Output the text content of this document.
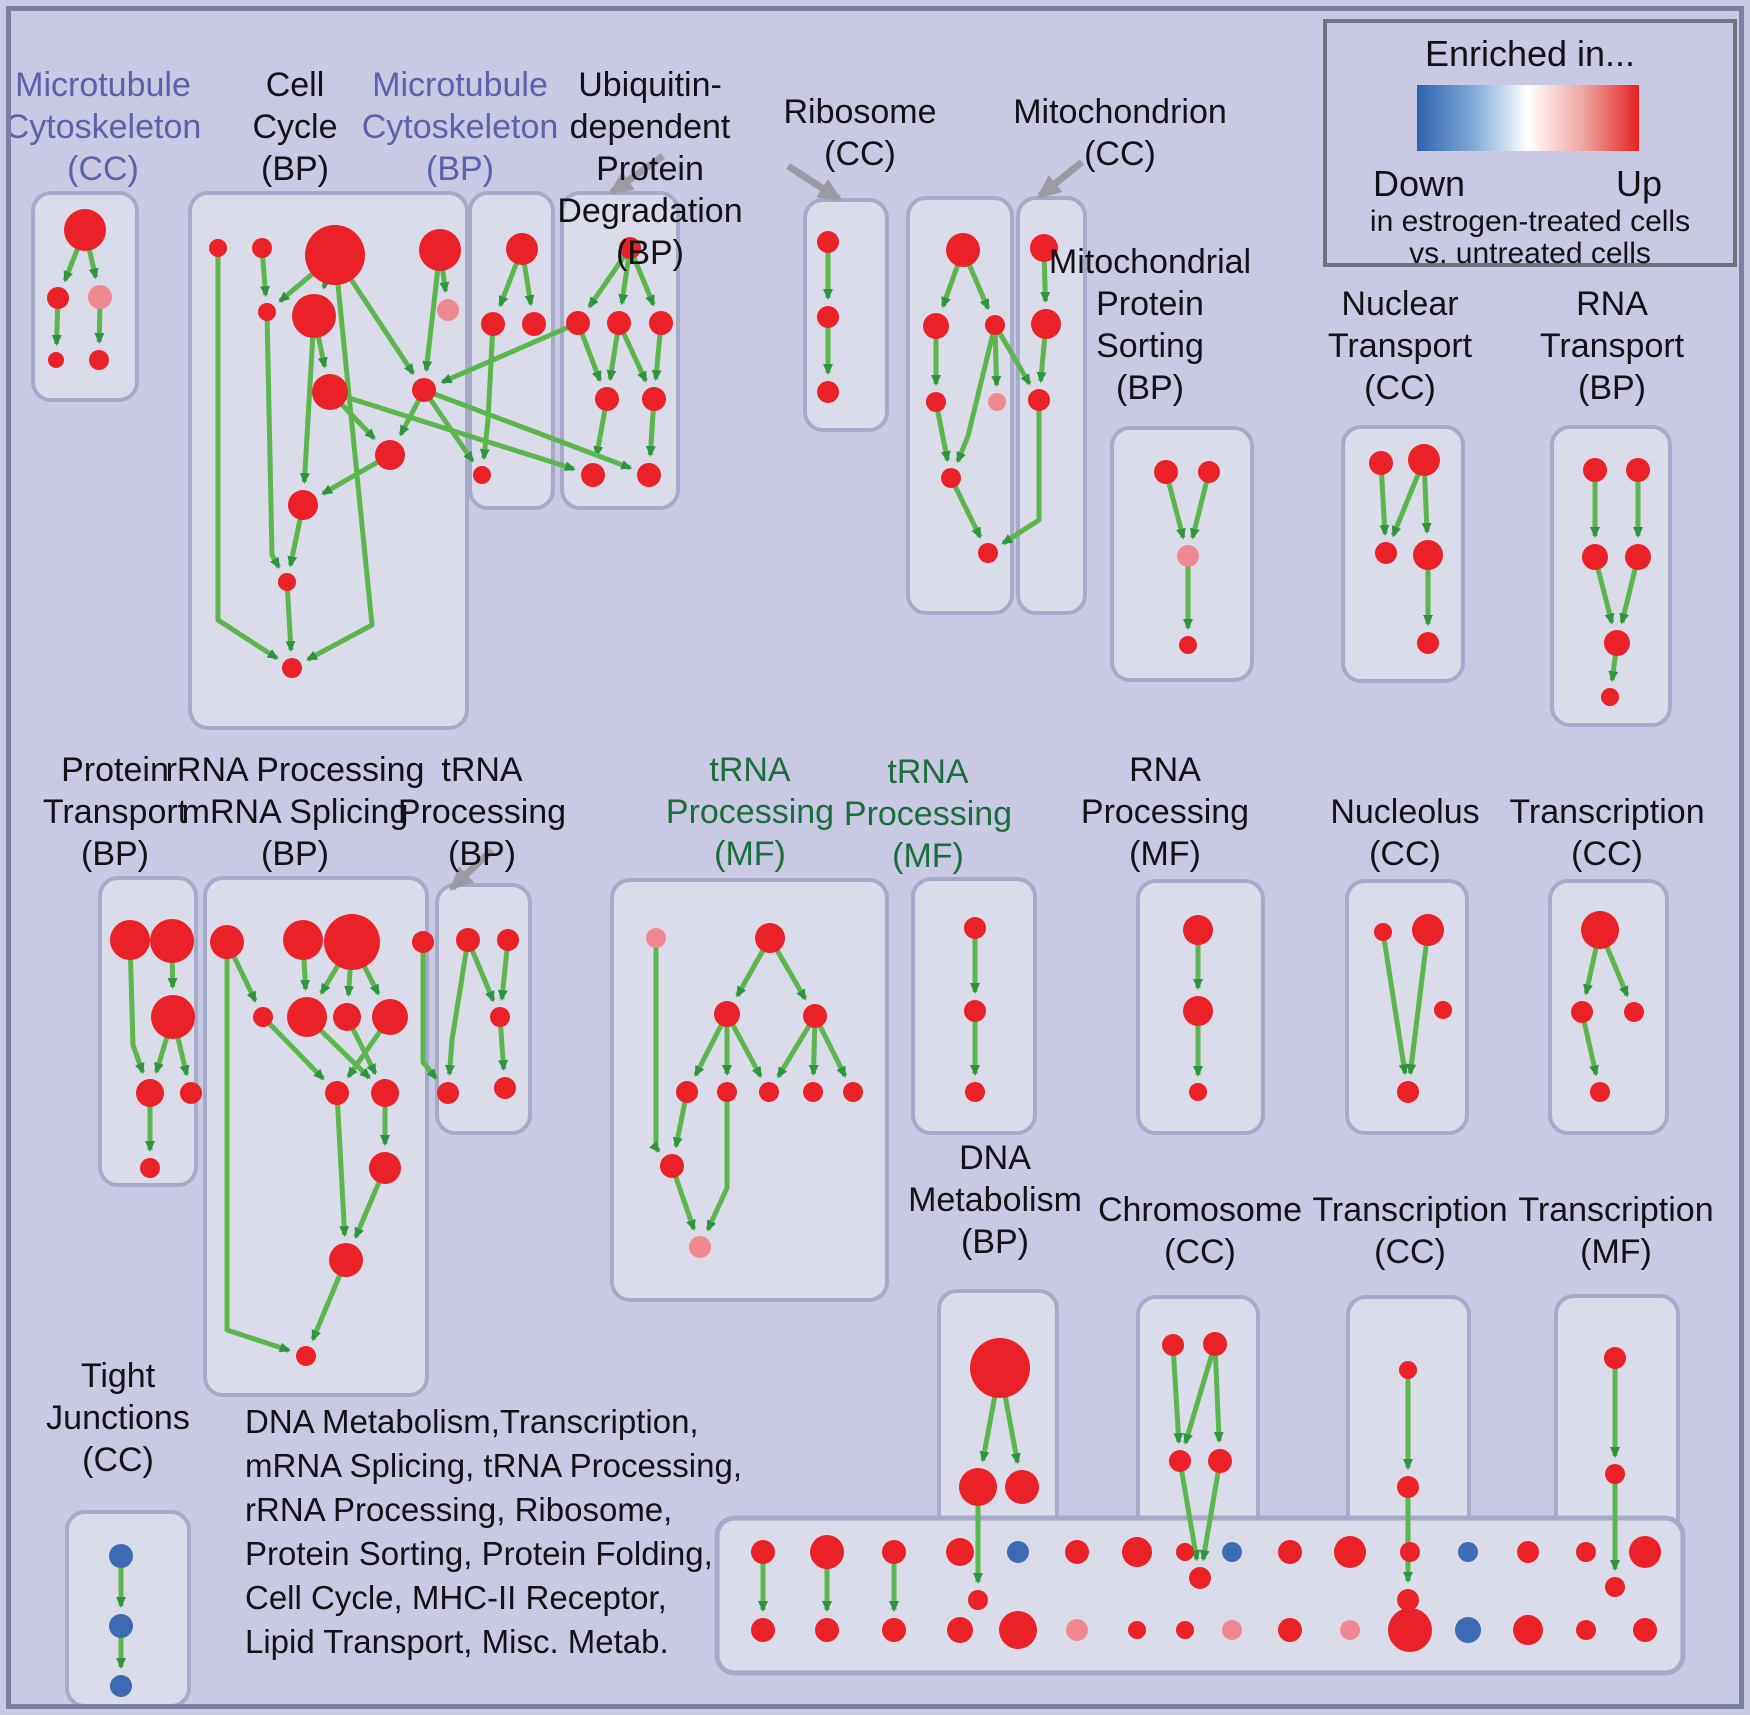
Microtubule
Cytoskeleton
(CC)
Cell
Cycle
(BP)
Microtubule
Cytoskeleton
(BP)
Ubiquitin-
dependent
Protein
Degradation
(BP)
Ribosome
(CC)
Mitochondrion
(CC)
Mitochondrial
Protein
Sorting
(BP)
Nuclear
Transport
(CC)
RNA
Transport
(BP)
Protein
Transport
(BP)
rRNA Processing
mRNA Splicing
(BP)
tRNA
Processing
(BP)
tRNA
Processing
(MF)
tRNA
Processing
(MF)
RNA
Processing
(MF)
Nucleolus
(CC)
Transcription
(CC)
DNA
Metabolism
(BP)
Chromosome
(CC)
Transcription
(CC)
Transcription
(MF)
Tight
Junctions
(CC)
DNA Metabolism,Transcription,
mRNA Splicing, tRNA Processing,
rRNA Processing, Ribosome,
Protein Sorting, Protein Folding,
Cell Cycle, MHC-II Receptor,
Lipid Transport, Misc. Metab.
Enriched in...
Down	Up
in estrogen-treated cells
vs. untreated cells
